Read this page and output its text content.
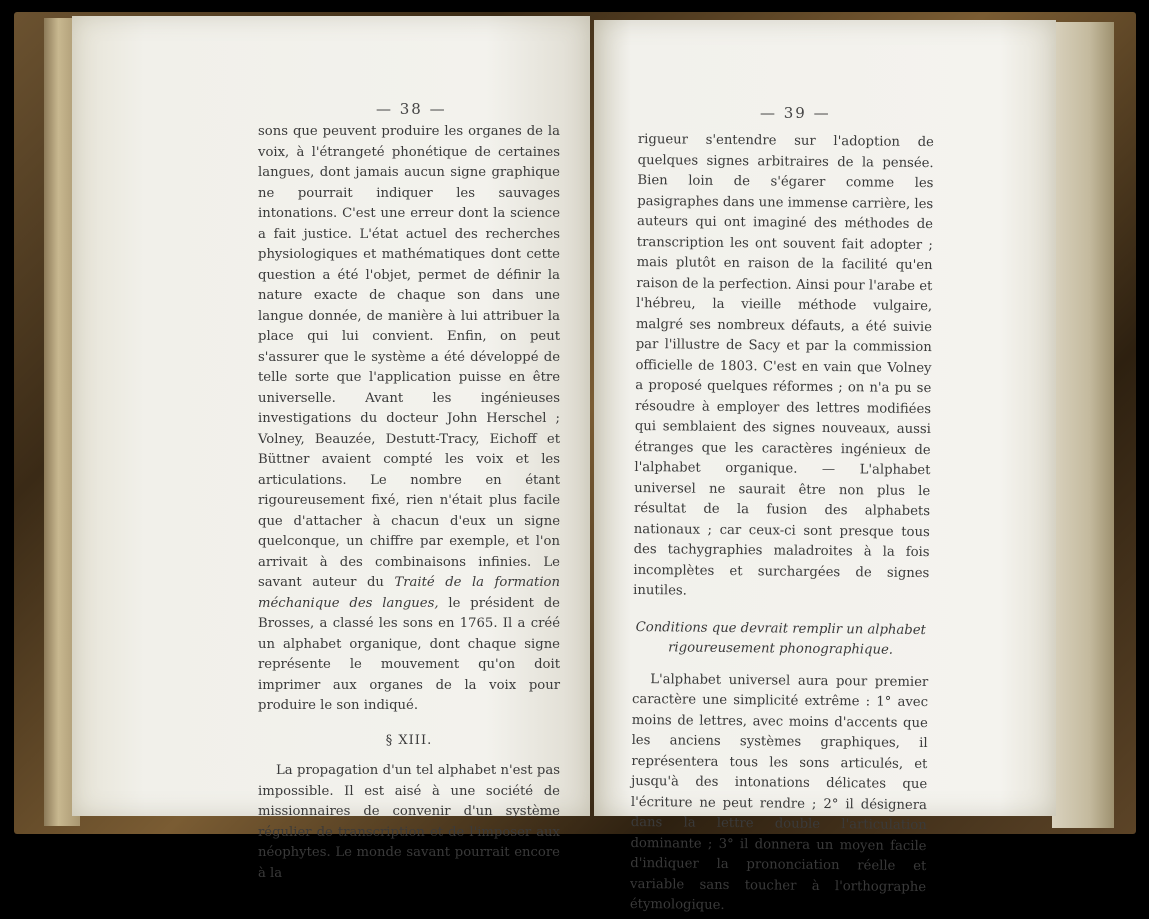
— 38 —	— 39 —

sons que peuvent produire les organes de la voix, à l'étrangeté phonétique de certaines langues, dont jamais aucun signe graphique ne pourrait indiquer les sauvages intonations. C'est une erreur dont la science a fait justice. L'état actuel des recherches physiologiques et mathématiques dont cette question a été l'objet, permet de définir la nature exacte de chaque son dans une langue donnée, de manière à lui attribuer la place qui lui convient. Enfin, on peut s'assurer que le système a été développé de telle sorte que l'application puisse en être universelle. Avant les ingénieuses investigations du docteur John Herschel ; Volney, Beauzée, Destutt-Tracy, Eichoff et Büttner avaient compté les voix et les articulations. Le nombre en étant rigoureusement fixé, rien n'était plus facile que d'attacher à chacun d'eux un signe quelconque, un chiffre par exemple, et l'on arrivait à des combinaisons infinies. Le savant auteur du Traité de la formation méchanique des langues, le président de Brosses, a classé les sons en 1765. Il a créé un alphabet organique, dont chaque signe représente le mouvement qu'on doit imprimer aux organes de la voix pour produire le son indiqué.

§ XIII.

La propagation d'un tel alphabet n'est pas impossible. Il est aisé à une société de missionnaires de convenir d'un système régulier de transcription et de l'imposer aux néophytes. Le monde savant pourrait encore à la

rigueur s'entendre sur l'adoption de quelques signes arbitraires de la pensée. Bien loin de s'égarer comme les pasigraphes dans une immense carrière, les auteurs qui ont imaginé des méthodes de transcription les ont souvent fait adopter ; mais plutôt en raison de la facilité qu'en raison de la perfection. Ainsi pour l'arabe et l'hébreu, la vieille méthode vulgaire, malgré ses nombreux défauts, a été suivie par l'illustre de Sacy et par la commission officielle de 1803. C'est en vain que Volney a proposé quelques réformes ; on n'a pu se résoudre à employer des lettres modifiées qui semblaient des signes nouveaux, aussi étranges que les caractères ingénieux de l'alphabet organique. — L'alphabet universel ne saurait être non plus le résultat de la fusion des alphabets nationaux ; car ceux-ci sont presque tous des tachygraphies maladroites à la fois incomplètes et surchargées de signes inutiles.

Conditions que devrait remplir un alphabet
rigoureusement phonographique.

L'alphabet universel aura pour premier caractère une simplicité extrême : 1° avec moins de lettres, avec moins d'accents que les anciens systèmes graphiques, il représentera tous les sons articulés, et jusqu'à des intonations délicates que l'écriture ne peut rendre ; 2° il désignera dans la lettre double l'articulation dominante ; 3° il donnera un moyen facile d'indiquer la prononciation réelle et variable sans toucher à l'orthographe étymologique.
